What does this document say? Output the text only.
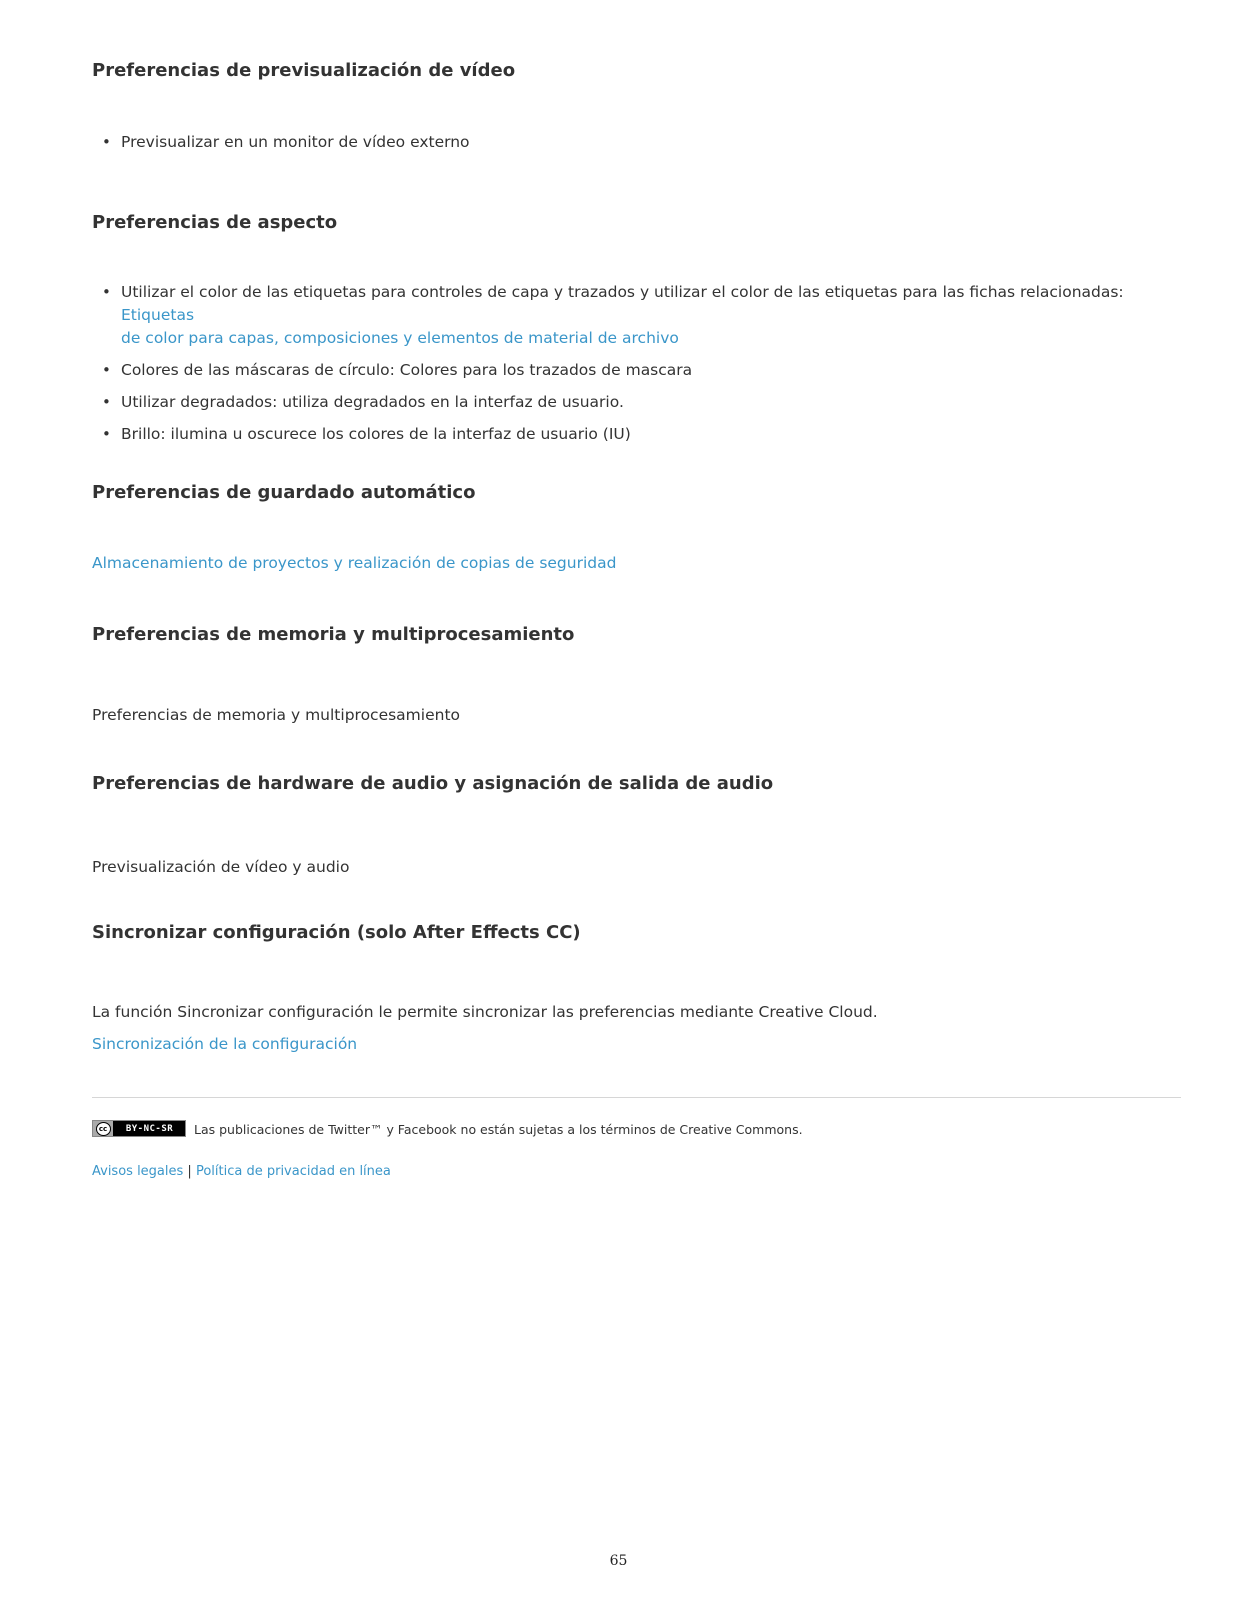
Preferencias de previsualización de vídeo
• Previsualizar en un monitor de vídeo externo
Preferencias de aspecto
• Utilizar el color de las etiquetas para controles de capa y trazados y utilizar el color de las etiquetas para las fichas relacionadas: Etiquetas
de color para capas, composiciones y elementos de material de archivo
• Colores de las máscaras de círculo: Colores para los trazados de mascara
• Utilizar degradados: utiliza degradados en la interfaz de usuario.
• Brillo: ilumina u oscurece los colores de la interfaz de usuario (IU)
Preferencias de guardado automático
Almacenamiento de proyectos y realización de copias de seguridad
Preferencias de memoria y multiprocesamiento
Preferencias de memoria y multiprocesamiento
Preferencias de hardware de audio y asignación de salida de audio
Previsualización de vídeo y audio
Sincronizar configuración (solo After Effects CC)
La función Sincronizar configuración le permite sincronizar las preferencias mediante Creative Cloud.
Sincronización de la configuración
cc	BY-NC-SR	Las publicaciones de Twitter™ y Facebook no están sujetas a los términos de Creative Commons.
Avisos legales | Política de privacidad en línea
65
